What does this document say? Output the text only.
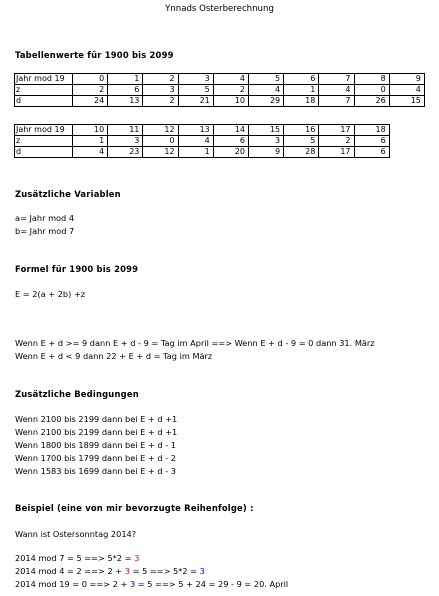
Ynnads Osterberechnung
Tabellenwerte für 1900 bis 2099
Jahr mod 19	0	1	2	3	4	5	6	7	8	9
z	2	6	3	5	2	4	1	4	0	4
d	24	13	2	21	10	29	18	7	26	15
Jahr mod 19	10	11	12	13	14	15	16	17	18
z	1	3	0	4	6	3	5	2	6
d	4	23	12	1	20	9	28	17	6
Zusätzliche Variablen
a= Jahr mod 4
b= Jahr mod 7
Formel für 1900 bis 2099
E = 2(a + 2b) +z
Wenn E + d >= 9 dann E + d - 9 = Tag im April ==> Wenn E + d - 9 = 0 dann 31. März
Wenn E + d < 9 dann 22 + E + d = Tag im März
Zusätzliche Bedingungen
Wenn 2100 bis 2199 dann bei E + d +1
Wenn 2100 bis 2199 dann bei E + d +1
Wenn 1800 bis 1899 dann bei E + d - 1
Wenn 1700 bis 1799 dann bei E + d - 2
Wenn 1583 bis 1699 dann bei E + d - 3
Beispiel (eine von mir bevorzugte Reihenfolge) :
Wann ist Ostersonntag 2014?
2014 mod 7 = 5 ==> 5*2 = 3
2014 mod 4 = 2 ==> 2 + 3 = 5 ==> 5*2 = 3
2014 mod 19 = 0 ==> 2 + 3 = 5 ==> 5 + 24 = 29 - 9 = 20. April
